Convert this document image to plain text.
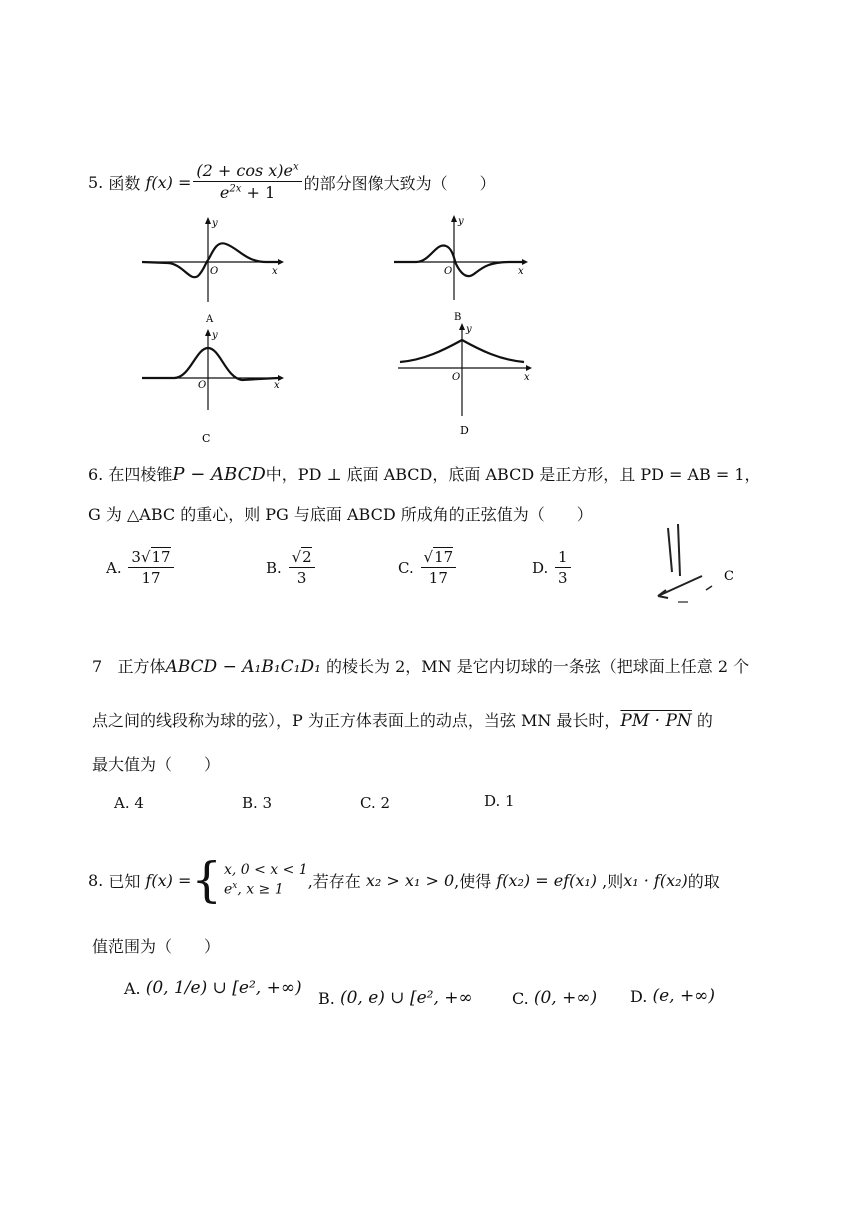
5.
函数
$f(x) = \frac{(2 + \cos x)e^x}{e^{2x} + 1}$ 的部分图像大致为（　　）
y
x
O
A
y
x
O
B
y
x
O
C
y
x
O
D
6. 在四棱锥P − ABCD中，PD ⊥ 底面 ABCD，底面 ABCD 是正方形，且 PD = AB = 1，
G 为 △ABC 的重心，则 PG 与底面 ABCD 所成角的正弦值为（　　）
A.
$\frac{3√17}{17}$	B.
$\frac{√2}{3}$	C.
$\frac{√17}{17}$	D.
$\frac{1}{3}$	C
7 正方体ABCD − A₁B₁C₁D₁ 的棱长为 2，MN 是它内切球的一条弦（把球面上任意 2 个
点之间的线段称为球的弦），P 为正方体表面上的动点，当弦 MN 最长时，PM · PN 的
最大值为（　　）
A. 4	B. 3	C. 2	D. 1
8.
已知
f(x) = { x, 0 < x < 1
$e^x$, x ≥ 1	,若存在
x₂ > x₁ > 0 ,使得
f(x₂) = ef(x₁)
,则 x₁ · f(x₂) 的取
值范围为（　　）
A.
(0, 1/e) ∪ [e², +∞) B.
(0, e) ∪ [e², +∞ C.
(0, +∞) D.
(e, +∞)
